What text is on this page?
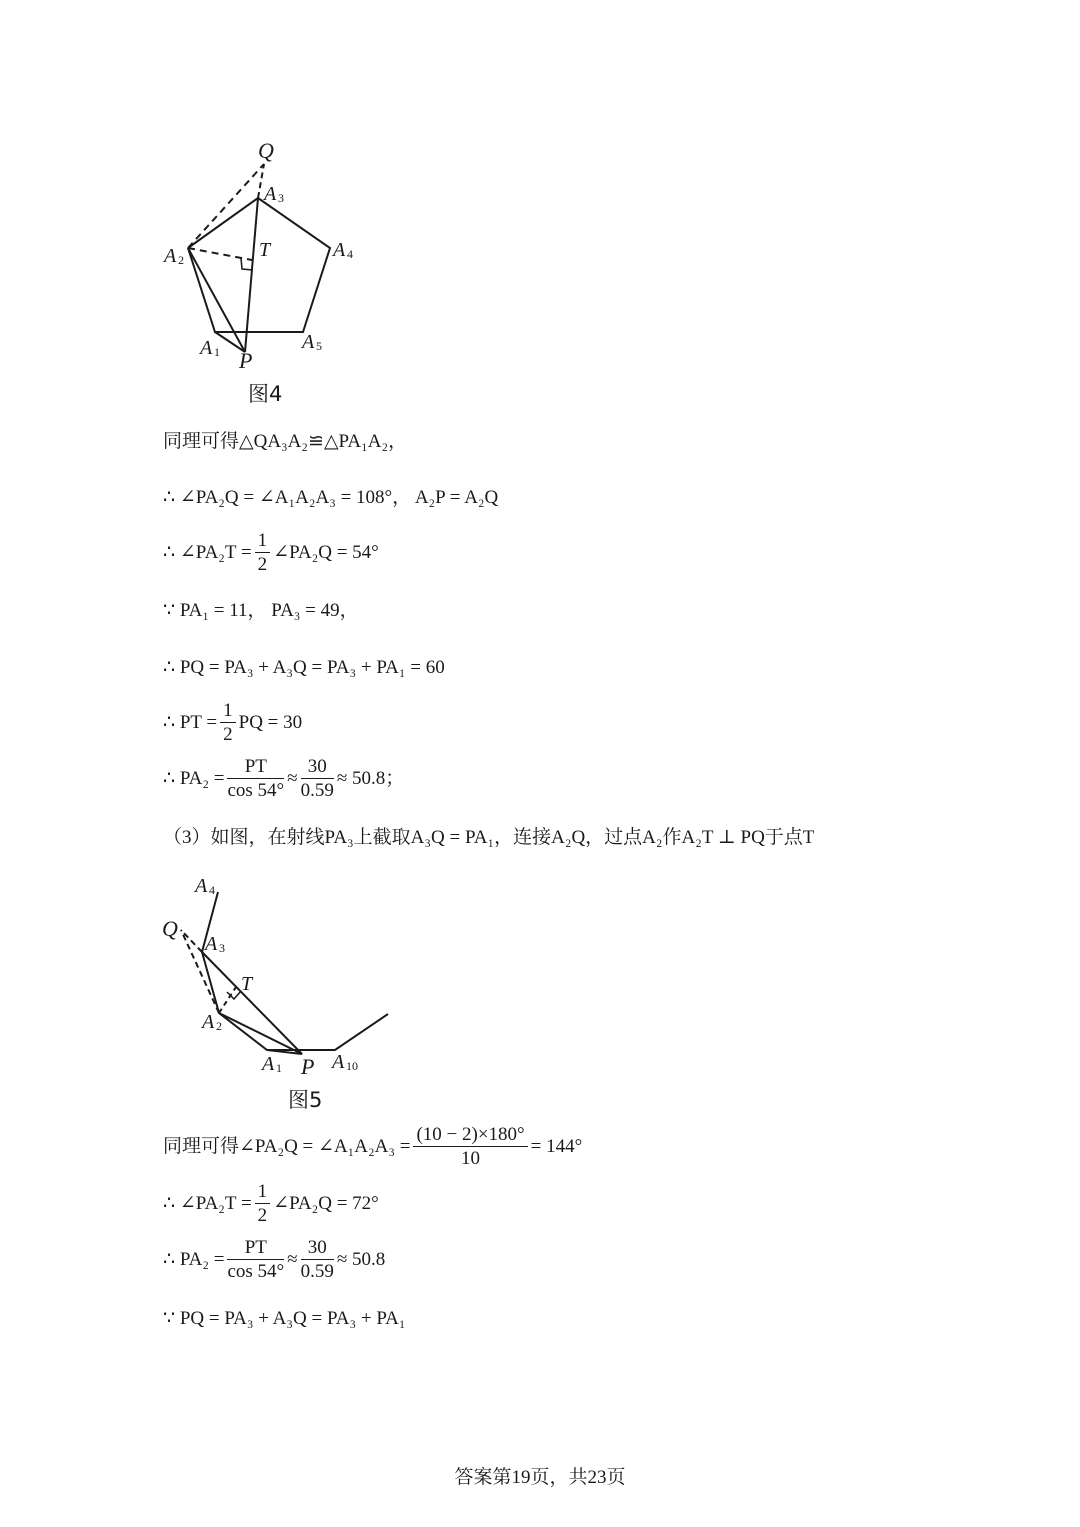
Q
A 3
A 2	T	A 4
A 1 P
A 5
图4
同理可得△QA₃A₂≌△PA₁A₂，
∴ ∠PA₂Q = ∠A₁A₂A₃ = 108°， A₂P = A₂Q
∴ ∠PA₂T = $\frac{1}{2}$ ∠PA₂Q = 54°
∵ PA₁ = 11， PA₃ = 49，
∴ PQ = PA₃ + A₃Q = PA₃ + PA₁ = 60
∴ PT = $\frac{1}{2}$ PQ = 30
∴ $PA_2 = \frac{PT}{\cos 54^\circ} \approx \frac{30}{0.59} \approx 50.8$；
（3）如图，在射线PA₃上截取A₃Q = PA₁，连接A₂Q，过点A₂作A₂T ⊥ PQ于点T
A 4
Q
A 3
T
A 2
A 1 P A 10
图5
同理可得∠PA₂Q = ∠A₁A₂A₃ = $\frac{(10 - 2)\times 180^\circ}{10} = 144^\circ$
∴ ∠PA₂T = $\frac{1}{2}$ ∠PA₂Q = 72°
∴ $PA_2 = \frac{PT}{\cos 54^\circ} \approx \frac{30}{0.59} \approx 50.8$
∵ PQ = PA₃ + A₃Q = PA₃ + PA₁
答案第19页，共23页
